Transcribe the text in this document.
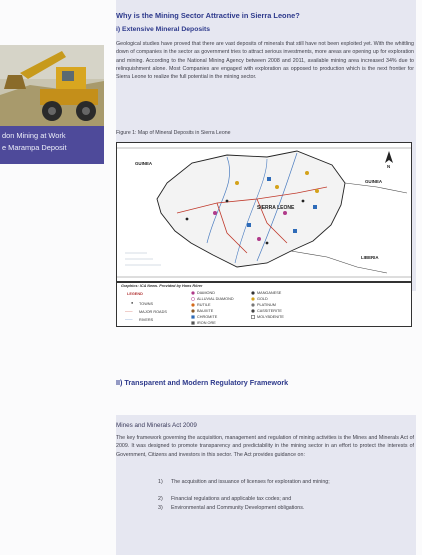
don Mining at Work
e Marampa Deposit
Why is the Mining Sector Attractive in Sierra Leone?
i) Extensive Mineral Deposits
Geological studies have proved that there are vast deposits of minerals that still have not been exploited yet. With the whittling down of companies in the sector as government tries to attract serious investments, more areas are opening up for exploration and mining. According to the National Mining Agency between 2008 and 2011, available mining area increased 34% due to relinquishment alone. Most Companies are engaged with exploration as opposed to production which is the next frontier for Sierra Leone to realize the full potential in the mining sector.
Figure 1: Map of Mineral Deposits in Sierra Leone
GUINEA
GUINEA
SIERRA LEONE
LIBERIA
N
Graphics: ICA News. Provided by Hans Rörer
LEGEND
TOWNS
MAJOR ROADS
RIVERS
●
——
——
DIAMOND
ALLUVIAL DIAMOND
RUTILE
BAUXITE
CHROMITE
IRON ORE
MANGANESE
GOLD
PLATINUM
CASSITERITE
MOLYBDENITE
II) Transparent and Modern Regulatory Framework
Mines and Minerals Act 2009
The key framework governing the acquisition, management and regulation of mining activities is the Mines and Minerals Act of 2009. It was designed to promote transparency and predictability in the mining sector in an effort to protect the interests of Government, Citizens and investors in this sector. The Act provides guidance on:
1) The acquisition and issuance of licenses for exploration and mining;
2) Financial regulations and applicable tax codes; and
3) Environmental and Community Development obligations.
